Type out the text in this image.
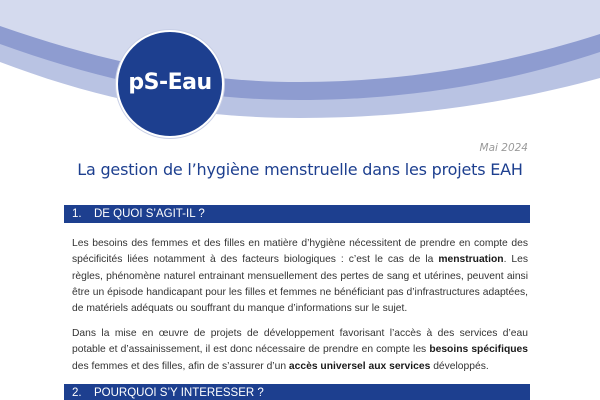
pS-Eau
Mai 2024
La gestion de l’hygiène menstruelle dans les projets EAH
1.	DE QUOI S’AGIT-IL ?

Les besoins des femmes et des filles en matière d’hygiène nécessitent de prendre en compte des spécificités liées notamment à des facteurs biologiques : c’est le cas de la menstruation. Les règles, phénomène naturel entrainant mensuellement des pertes de sang et utérines, peuvent ainsi être un épisode handicapant pour les filles et femmes ne bénéficiant pas d’infrastructures adaptées, de matériels adéquats ou souffrant du manque d’informations sur le sujet.

Dans la mise en œuvre de projets de développement favorisant l’accès à des services d’eau potable et d’assainissement, il est donc nécessaire de prendre en compte les besoins spécifiques des femmes et des filles, afin de s’assurer d’un accès universel aux services développés.

2.	POURQUOI S’Y INTERESSER ?
